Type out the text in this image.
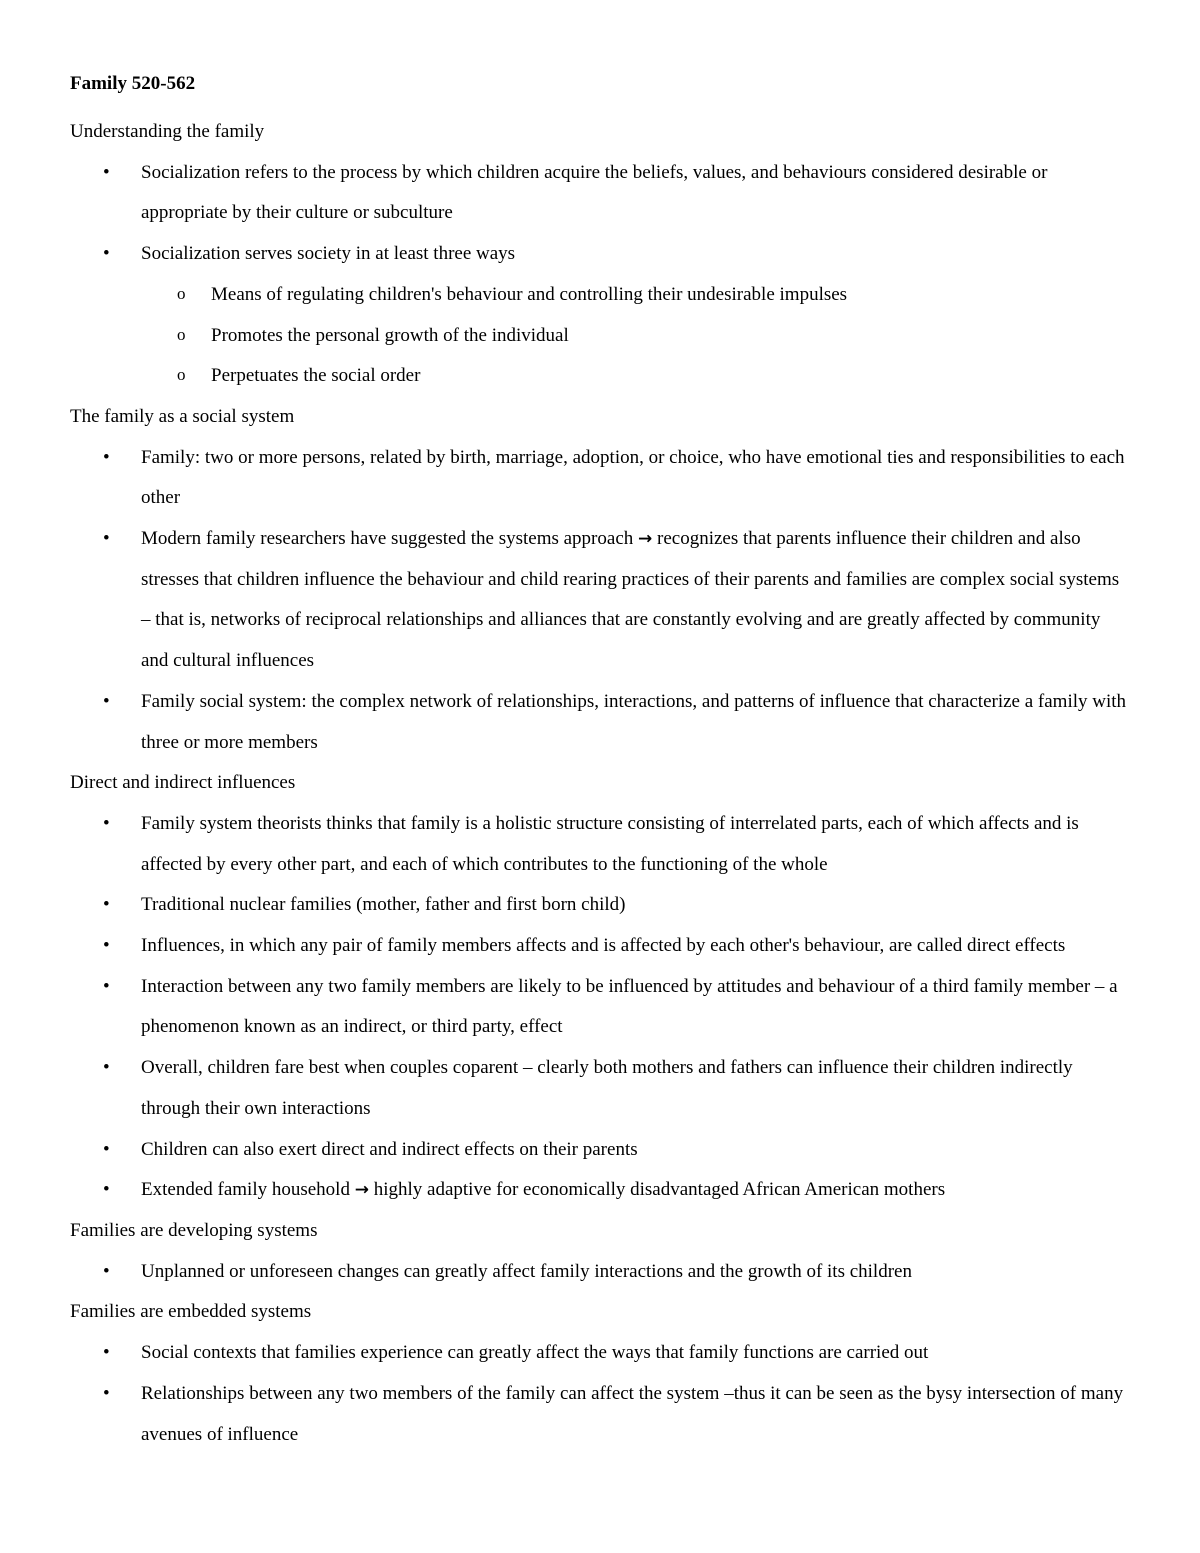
Family 520-562
Understanding the family
• Socialization refers to the process by which children acquire the beliefs, values, and behaviours considered desirable or appropriate by their culture or subculture
• Socialization serves society in at least three ways
o Means of regulating children's behaviour and controlling their undesirable impulses
o Promotes the personal growth of the individual
o Perpetuates the social order
The family as a social system
• Family: two or more persons, related by birth, marriage, adoption, or choice, who have emotional ties and responsibilities to each other
• Modern family researchers have suggested the systems approach → recognizes that parents influence their children and also stresses that children influence the behaviour and child rearing practices of their parents and families are complex social systems – that is, networks of reciprocal relationships and alliances that are constantly evolving and are greatly affected by community and cultural influences
• Family social system: the complex network of relationships, interactions, and patterns of influence that characterize a family with three or more members
Direct and indirect influences
• Family system theorists thinks that family is a holistic structure consisting of interrelated parts, each of which affects and is affected by every other part, and each of which contributes to the functioning of the whole
• Traditional nuclear families (mother, father and first born child)
• Influences, in which any pair of family members affects and is affected by each other's behaviour, are called direct effects
• Interaction between any two family members are likely to be influenced by attitudes and behaviour of a third family member – a phenomenon known as an indirect, or third party, effect
• Overall, children fare best when couples coparent – clearly both mothers and fathers can influence their children indirectly through their own interactions
• Children can also exert direct and indirect effects on their parents
• Extended family household → highly adaptive for economically disadvantaged African American mothers
Families are developing systems
• Unplanned or unforeseen changes can greatly affect family interactions and the growth of its children
Families are embedded systems
• Social contexts that families experience can greatly affect the ways that family functions are carried out
• Relationships between any two members of the family can affect the system –thus it can be seen as the bysy intersection of many avenues of influence
